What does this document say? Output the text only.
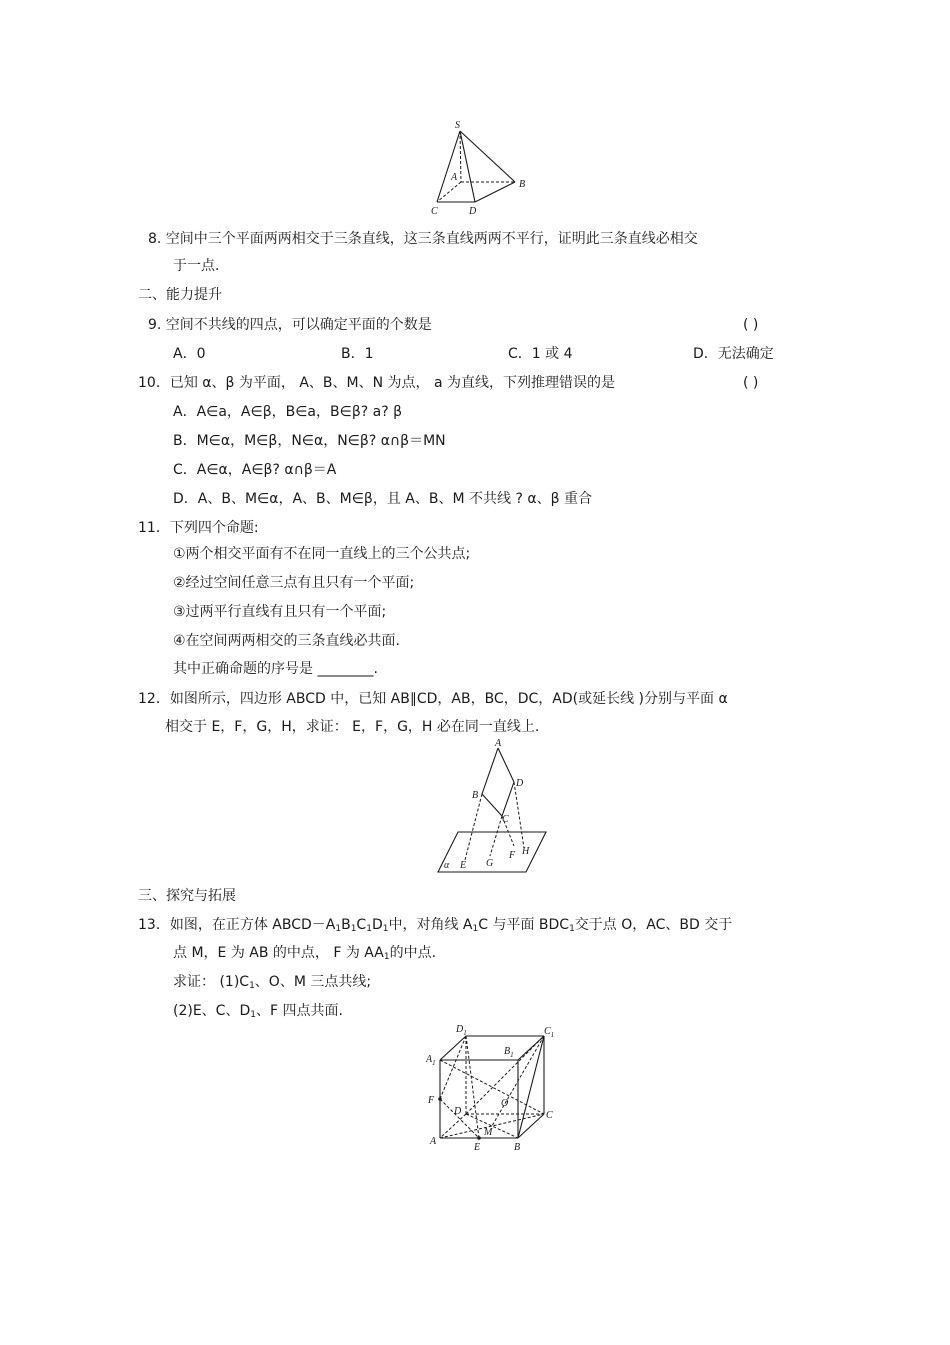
S
A
B
C	D
8. 空间中三个平面两两相交于三条直线，这三条直线两两不平行，证明此三条直线必相交
于一点.
二、能力提升
9. 空间不共线的四点，可以确定平面的个数是	( )
A．0	B．1	C．1 或 4	D．无法确定
10．已知 α、β 为平面， A、B、M、N 为点， a 为直线，下列推理错误的是	( )
A．A∈a，A∈β，B∈a，B∈β? a? β
B．M∈α，M∈β，N∈α，N∈β? α∩β＝MN
C．A∈α，A∈β? α∩β＝A
D．A、B、M∈α，A、B、M∈β，且 A、B、M 不共线 ? α、β 重合
11．下列四个命题:
①两个相交平面有不在同一直线上的三个公共点;
②经过空间任意三点有且只有一个平面;
③过两平行直线有且只有一个平面;
④在空间两两相交的三条直线必共面.
其中正确命题的序号是 ________.
12．如图所示，四边形 ABCD 中，已知 AB∥CD，AB，BC，DC，AD(或延长线 )分别与平面 α
相交于 E，F，G，H，求证： E，F，G，H 必在同一直线上.
A
B
C
D
α E G
F H
三、探究与拓展
13．如图，在正方体 $ABCD-A_1B_1C_1D_1$中，对角线 $A_1C$ 与平面 $BDC_1$交于点 O，AC、BD 交于
点 M，E 为 AB 的中点， F 为 $AA_1$的中点.
求证： $(1)C_1$、O、M 三点共线;
(2)E、C、$D_1$、F 四点共面.
$D_1$	$C_1$
$A_1$
$B_1$
F
D
O
C
A
M
E	B
